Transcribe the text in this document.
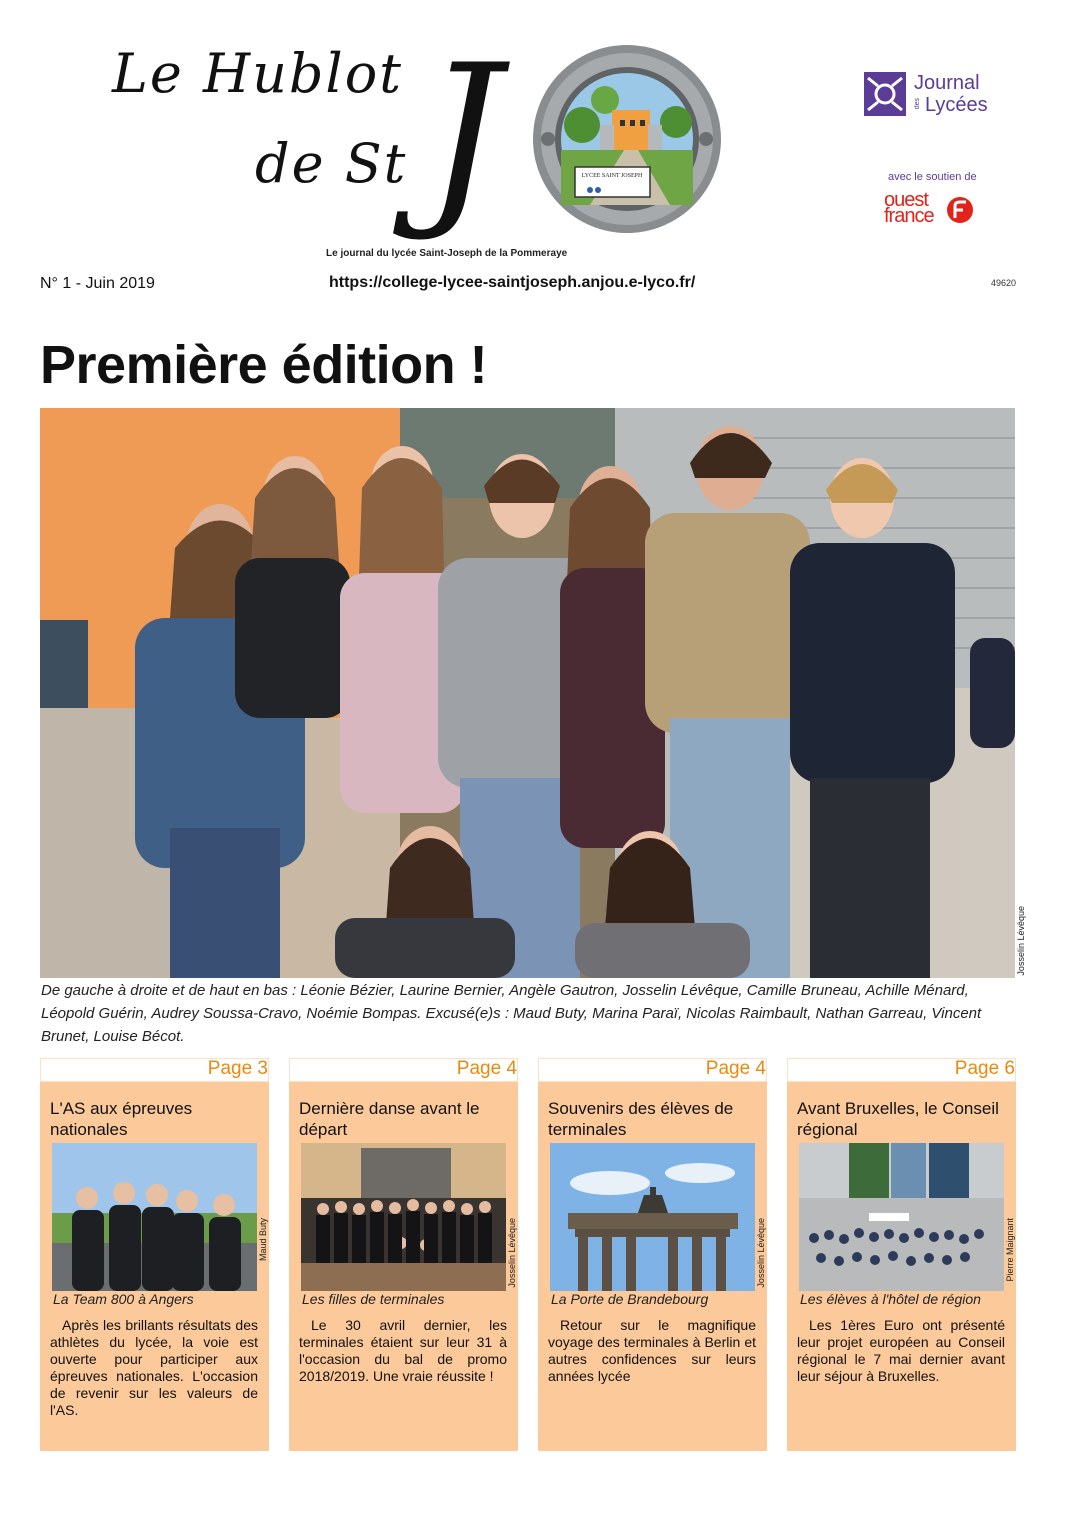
Le Hublot
de St J	LYCEE SAINT JOSEPH
Le journal du lycée Saint-Joseph de la Pommeraye
Journal
des Lycées
avec le soutien de
ouest
france
N° 1 - Juin 2019	https://college-lycee-saintjoseph.anjou.e-lyco.fr/	49620
Première édition !
Josselin Lévêque
De gauche à droite et de haut en bas : Léonie Bézier, Laurine Bernier, Angèle Gautron, Josselin Lévêque, Camille Bruneau, Achille Ménard, Léopold Guérin, Audrey Soussa-Cravo, Noémie Bompas. Excusé(e)s : Maud Buty, Marina Paraï, Nicolas Raimbault, Nathan Garreau, Vincent Brunet, Louise Bécot.
Page 3
L'AS aux épreuves nationales
Maud Buty
La Team 800 à Angers
Après les brillants résultats des athlètes du lycée, la voie est ouverte pour participer aux épreuves nationales. L'occasion de revenir sur les valeurs de l'AS.
Page 4
Dernière danse avant le départ
Josselin Lévêque
Les filles de terminales
Le 30 avril dernier, les terminales étaient sur leur 31 à l'occasion du bal de promo 2018/2019. Une vraie réussite !
Page 4
Souvenirs des élèves de terminales
Josselin Lévêque
La Porte de Brandebourg
Retour sur le magnifique voyage des terminales à Berlin et autres confidences sur leurs années lycée
Page 6
Avant Bruxelles, le Conseil régional
Pierre Maignant
Les élèves à l'hôtel de région
Les 1ères Euro ont présenté leur projet européen au Conseil régional le 7 mai dernier avant leur séjour à Bruxelles.
